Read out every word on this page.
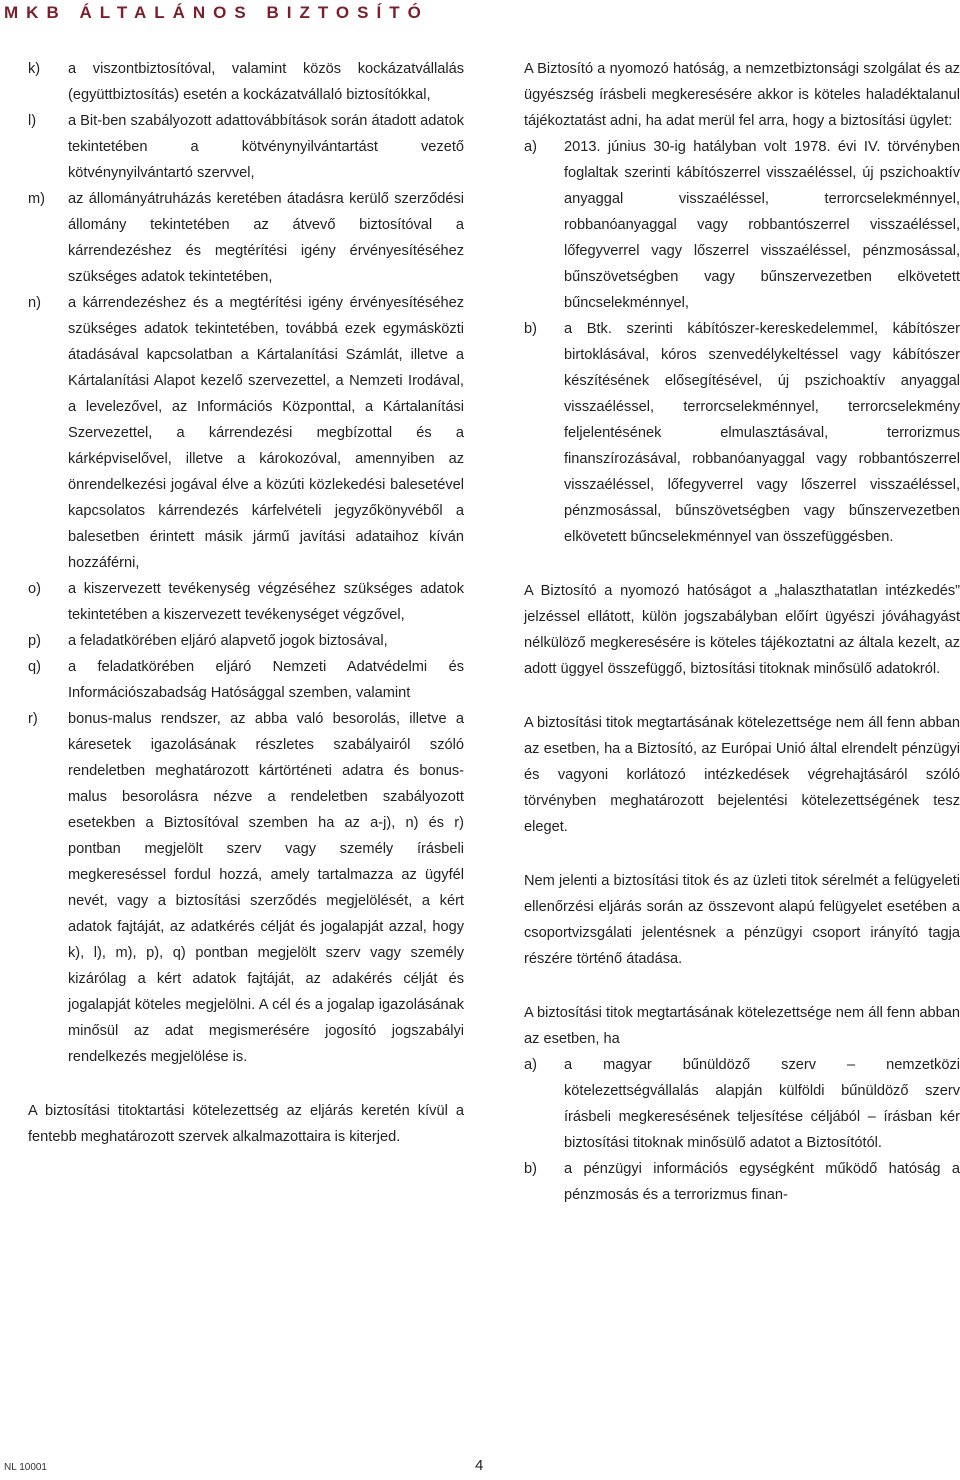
MKB ÁLTALÁNOS BIZTOSÍTÓ
k)	a viszontbiztosítóval, valamint közös kockázatvállalás (együttbiztosítás) esetén a kockázatvállaló biztosítókkal,
l)	a Bit-ben szabályozott adattovábbítások során átadott adatok tekintetében a kötvénynyilvántartást vezető kötvénynyilvántartó szervvel,
m)	az állományátruházás keretében átadásra kerülő szerződési állomány tekintetében az átvevő biztosítóval a kárrendezéshez és megtérítési igény érvényesítéséhez szükséges adatok tekintetében,
n)	a kárrendezéshez és a megtérítési igény érvényesítéséhez szükséges adatok tekintetében, továbbá ezek egymásközti átadásával kapcsolatban a Kártalanítási Számlát, illetve a Kártalanítási Alapot kezelő szervezettel, a Nemzeti Irodával, a levelezővel, az Információs Központtal, a Kártalanítási Szervezettel, a kárrendezési megbízottal és a kárképviselővel, illetve a károkozóval, amennyiben az önrendelkezési jogával élve a közúti közlekedési balesetével kapcsolatos kárrendezés kárfelvételi jegyzőkönyvéből a balesetben érintett másik jármű javítási adataihoz kíván hozzáférni,
o)	a kiszervezett tevékenység végzéséhez szükséges adatok tekintetében a kiszervezett tevékenységet végzővel,
p)	a feladatkörében eljáró alapvető jogok biztosával,
q)	a feladatkörében eljáró Nemzeti Adatvédelmi és Információszabadság Hatósággal szemben, valamint
r)	bonus-malus rendszer, az abba való besorolás, illetve a káresetek igazolásának részletes szabályairól szóló rendeletben meghatározott kártörténeti adatra és bonus-malus besorolásra nézve a rendeletben szabályozott esetekben a Biztosítóval szemben ha az a-j), n) és r) pontban megjelölt szerv vagy személy írásbeli megkereséssel fordul hozzá, amely tartalmazza az ügyfél nevét, vagy a biztosítási szerződés megjelölését, a kért adatok fajtáját, az adatkérés célját és jogalapját azzal, hogy k), l), m), p), q) pontban megjelölt szerv vagy személy kizárólag a kért adatok fajtáját, az adakérés célját és jogalapját köteles megjelölni. A cél és a jogalap igazolásának minősül az adat megismerésére jogosító jogszabályi rendelkezés megjelölése is.

A biztosítási titoktartási kötelezettség az eljárás keretén kívül a fentebb meghatározott szervek alkalmazottaira is kiterjed.

A Biztosító a nyomozó hatóság, a nemzetbiztonsági szolgálat és az ügyészség írásbeli megkeresésére akkor is köteles haladéktalanul tájékoztatást adni, ha adat merül fel arra, hogy a biztosítási ügylet:

a)	2013. június 30-ig hatályban volt 1978. évi IV. törvényben foglaltak szerinti kábítószerrel visszaéléssel, új pszichoaktív anyaggal visszaéléssel, terrorcselekménnyel, robbanóanyaggal vagy robbantószerrel visszaéléssel, lőfegyverrel vagy lőszerrel visszaéléssel, pénzmosással, bűnszövetségben vagy bűnszervezetben elkövetett bűncselekménnyel,
b)	a Btk. szerinti kábítószer-kereskedelemmel, kábítószer birtoklásával, kóros szenvedélykeltéssel vagy kábítószer készítésének elősegítésével, új pszichoaktív anyaggal visszaéléssel, terrorcselekménnyel, terrorcselekmény feljelentésének elmulasztásával, terrorizmus finanszírozásával, robbanóanyaggal vagy robbantószerrel visszaéléssel, lőfegyverrel vagy lőszerrel visszaéléssel, pénzmosással, bűnszövetségben vagy bűnszervezetben elkövetett bűncselekménnyel van összefüggésben.

A Biztosító a nyomozó hatóságot a „halaszthatatlan intézkedés” jelzéssel ellátott, külön jogszabályban előírt ügyészi jóváhagyást nélkülöző megkeresésére is köteles tájékoztatni az általa kezelt, az adott üggyel összefüggő, biztosítási titoknak minősülő adatokról.

A biztosítási titok megtartásának kötelezettsége nem áll fenn abban az esetben, ha a Biztosító, az Európai Unió által elrendelt pénzügyi és vagyoni korlátozó intézkedések végrehajtásáról szóló törvényben meghatározott bejelentési kötelezettségének tesz eleget.

Nem jelenti a biztosítási titok és az üzleti titok sérelmét a felügyeleti ellenőrzési eljárás során az összevont alapú felügyelet esetében a csoportvizsgálati jelentésnek a pénzügyi csoport irányító tagja részére történő átadása.

A biztosítási titok megtartásának kötelezettsége nem áll fenn abban az esetben, ha

a)	a magyar bűnüldöző szerv – nemzetközi kötelezettségvállalás alapján külföldi bűnüldöző szerv írásbeli megkeresésének teljesítése céljából – írásban kér biztosítási titoknak minősülő adatot a Biztosítótól.
b)	a pénzügyi információs egységként működő hatóság a pénzmosás és a terrorizmus finan-
NL 10001	4
